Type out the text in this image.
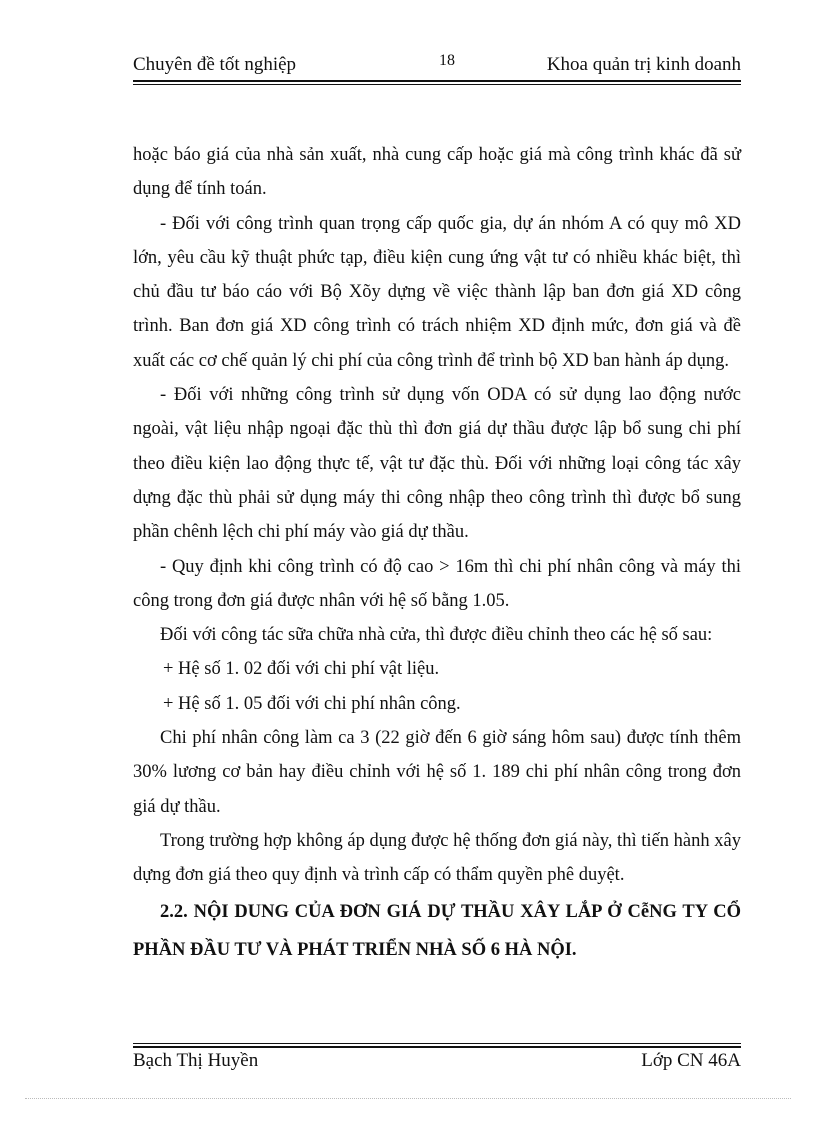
Chuyên đề tốt nghiệp	18	Khoa quản trị kinh doanh

hoặc báo giá của nhà sản xuất, nhà cung cấp hoặc giá mà công trình khác đã sử dụng để tính toán.

- Đối với công trình quan trọng cấp quốc gia, dự án nhóm A có quy mô XD lớn, yêu cầu kỹ thuật phức tạp, điều kiện cung ứng vật tư có nhiều khác biệt, thì chủ đầu tư báo cáo với Bộ Xõy dựng về việc thành lập ban đơn giá XD công trình. Ban đơn giá XD công trình có trách nhiệm XD định mức, đơn giá và đề xuất các cơ chế quản lý chi phí của công trình để trình bộ XD ban hành áp dụng.

- Đối với những công trình sử dụng vốn ODA có sử dụng lao động nước ngoài, vật liệu nhập ngoại đặc thù thì đơn giá dự thầu được lập bổ sung chi phí theo điều kiện lao động thực tế, vật tư đặc thù. Đối với những loại công tác xây dựng đặc thù phải sử dụng máy thi công nhập theo công trình thì được bổ sung phần chênh lệch chi phí máy vào giá dự thầu.

- Quy định khi công trình có độ cao > 16m thì chi phí nhân công và máy thi công trong đơn giá được nhân với hệ số bằng 1.05.

Đối với công tác sữa chữa nhà cửa, thì được điều chỉnh theo các hệ số sau:

+ Hệ số 1. 02 đối với chi phí vật liệu.

+ Hệ số 1. 05 đối với chi phí nhân công.

Chi phí nhân công làm ca 3 (22 giờ đến 6 giờ sáng hôm sau) được tính thêm 30% lương cơ bản hay điều chỉnh với hệ số 1. 189 chi phí nhân công trong đơn giá dự thầu.

Trong trường hợp không áp dụng được hệ thống đơn giá này, thì tiến hành xây dựng đơn giá theo quy định và trình cấp có thẩm quyền phê duyệt.

2.2. NỘI DUNG CỦA ĐƠN GIÁ DỰ THẦU XÂY LẮP Ở CễNG TY CỔ PHẦN ĐẦU TƯ VÀ PHÁT TRIỂN NHÀ SỐ 6 HÀ NỘI.

Bạch Thị Huyền	Lớp CN 46A
